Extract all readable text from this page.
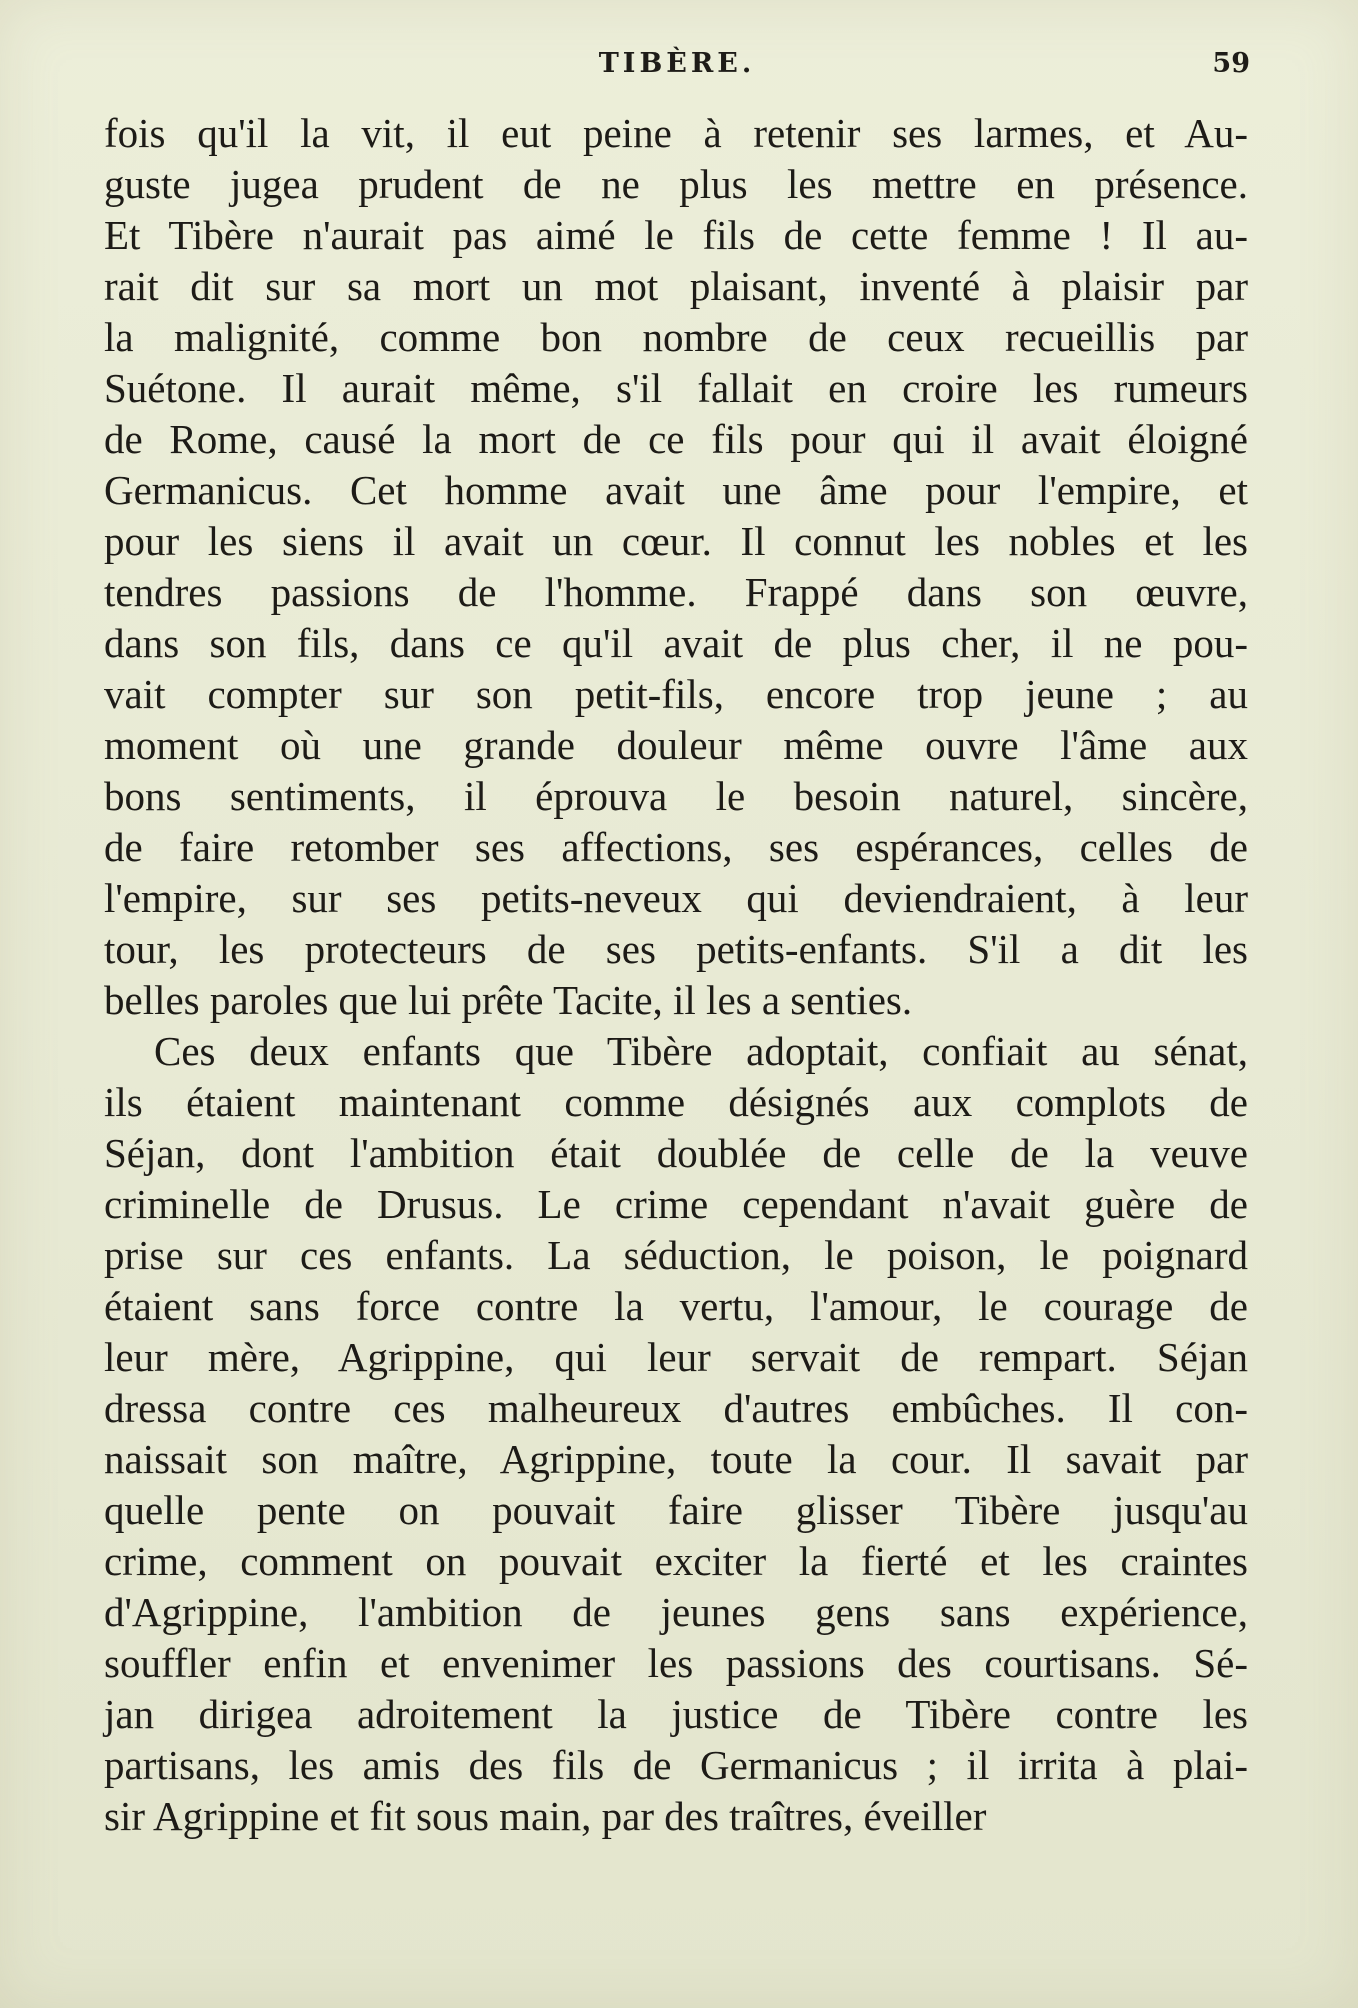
TIBÈRE.	59
fois qu'il la vit, il eut peine à retenir ses larmes, et Au-
guste jugea prudent de ne plus les mettre en présence.
Et Tibère n'aurait pas aimé le fils de cette femme ! Il au-
rait dit sur sa mort un mot plaisant, inventé à plaisir par
la malignité, comme bon nombre de ceux recueillis par
Suétone. Il aurait même, s'il fallait en croire les rumeurs
de Rome, causé la mort de ce fils pour qui il avait éloigné
Germanicus. Cet homme avait une âme pour l'empire, et
pour les siens il avait un cœur. Il connut les nobles et les
tendres passions de l'homme. Frappé dans son œuvre,
dans son fils, dans ce qu'il avait de plus cher, il ne pou-
vait compter sur son petit-fils, encore trop jeune ; au
moment où une grande douleur même ouvre l'âme aux
bons sentiments, il éprouva le besoin naturel, sincère,
de faire retomber ses affections, ses espérances, celles de
l'empire, sur ses petits-neveux qui deviendraient, à leur
tour, les protecteurs de ses petits-enfants. S'il a dit les
belles paroles que lui prête Tacite, il les a senties.
Ces deux enfants que Tibère adoptait, confiait au sénat,
ils étaient maintenant comme désignés aux complots de
Séjan, dont l'ambition était doublée de celle de la veuve
criminelle de Drusus. Le crime cependant n'avait guère de
prise sur ces enfants. La séduction, le poison, le poignard
étaient sans force contre la vertu, l'amour, le courage de
leur mère, Agrippine, qui leur servait de rempart. Séjan
dressa contre ces malheureux d'autres embûches. Il con-
naissait son maître, Agrippine, toute la cour. Il savait par
quelle pente on pouvait faire glisser Tibère jusqu'au
crime, comment on pouvait exciter la fierté et les craintes
d'Agrippine, l'ambition de jeunes gens sans expérience,
souffler enfin et envenimer les passions des courtisans. Sé-
jan dirigea adroitement la justice de Tibère contre les
partisans, les amis des fils de Germanicus ; il irrita à plai-
sir Agrippine et fit sous main, par des traîtres, éveiller
